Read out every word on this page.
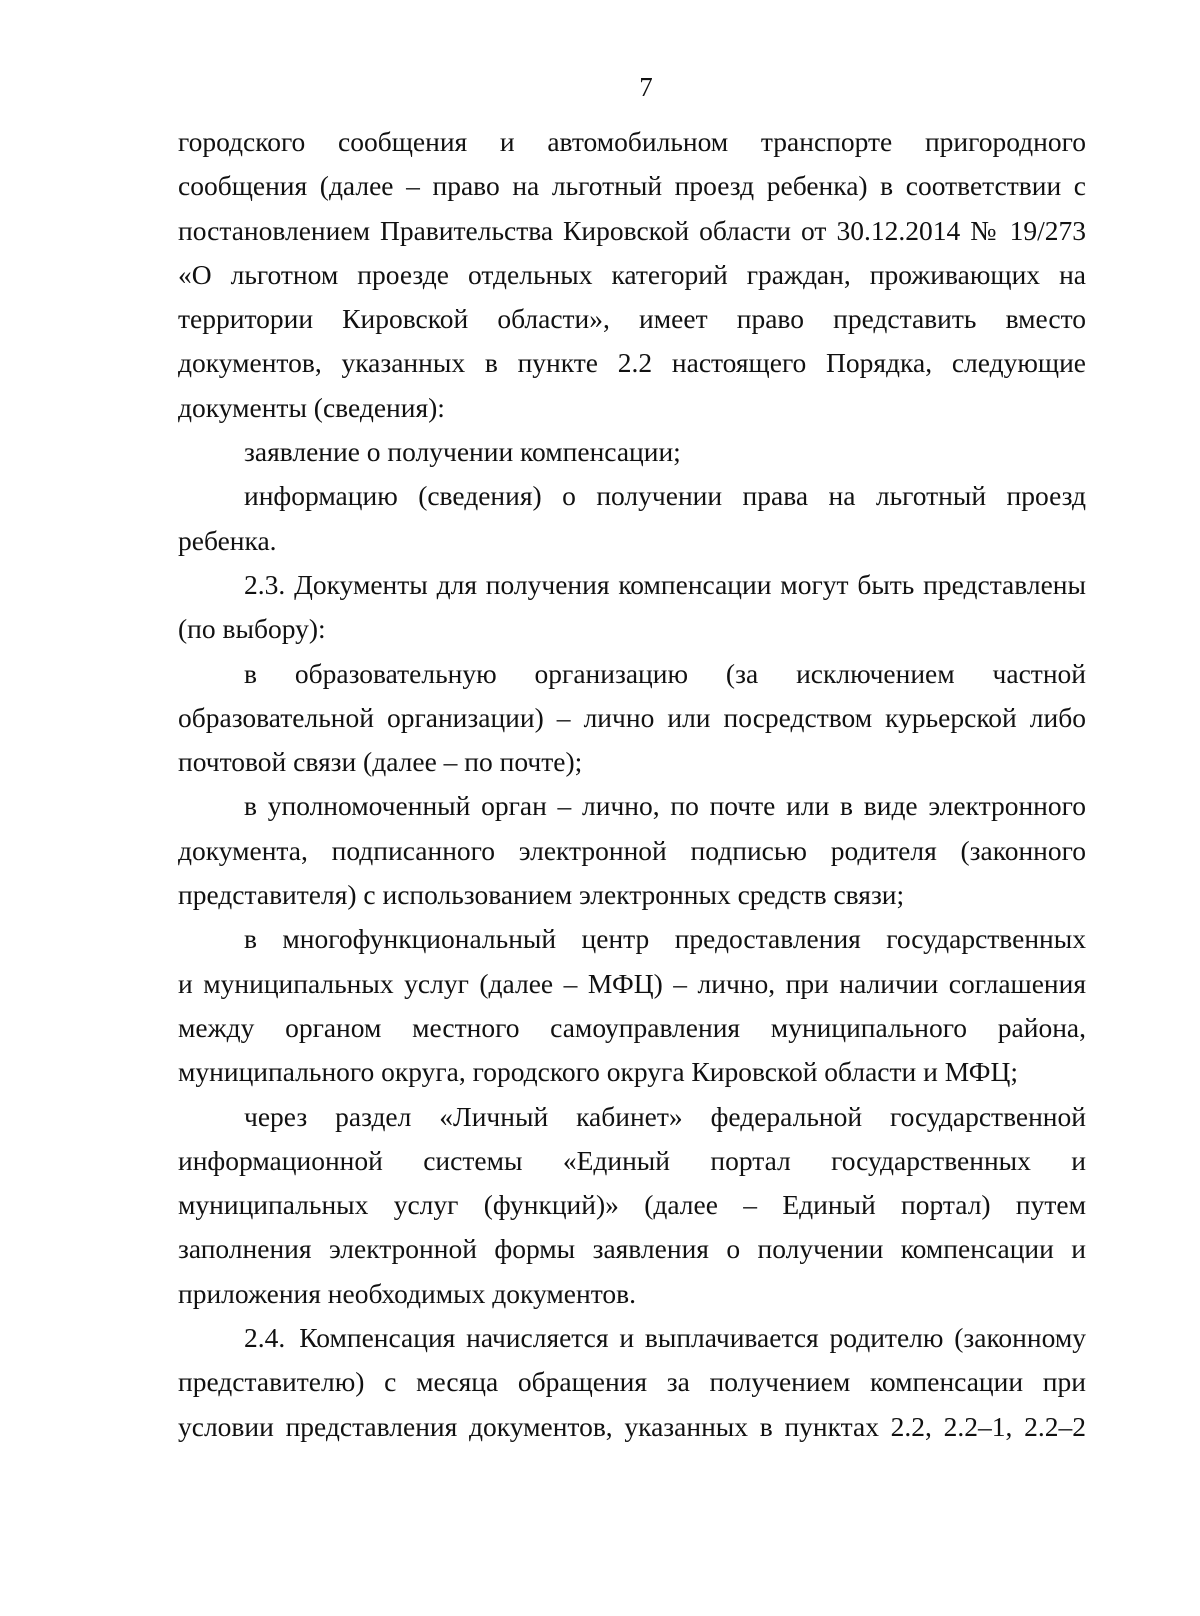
7

городского сообщения и автомобильном транспорте пригородного
сообщения (далее – право на льготный проезд ребенка) в соответствии с
постановлением Правительства Кировской области от 30.12.2014 № 19/273
«О льготном проезде отдельных категорий граждан, проживающих на
территории Кировской области», имеет право представить вместо
документов, указанных в пункте 2.2 настоящего Порядка, следующие
документы (сведения):

заявление о получении компенсации;

информацию (сведения) о получении права на льготный проезд
ребенка.

2.3. Документы для получения компенсации могут быть представлены
(по выбору):

в образовательную организацию (за исключением частной
образовательной организации) – лично или посредством курьерской либо
почтовой связи (далее – по почте);

в уполномоченный орган – лично, по почте или в виде электронного
документа, подписанного электронной подписью родителя (законного
представителя) с использованием электронных средств связи;

в многофункциональный центр предоставления государственных
и муниципальных услуг (далее – МФЦ) – лично, при наличии соглашения
между органом местного самоуправления муниципального района,
муниципального округа, городского округа Кировской области и МФЦ;

через раздел «Личный кабинет» федеральной государственной
информационной системы «Единый портал государственных и
муниципальных услуг (функций)» (далее – Единый портал) путем
заполнения электронной формы заявления о получении компенсации и
приложения необходимых документов.

2.4. Компенсация начисляется и выплачивается родителю (законному
представителю) с месяца обращения за получением компенсации при
условии представления документов, указанных в пунктах 2.2, 2.2–1, 2.2–2
